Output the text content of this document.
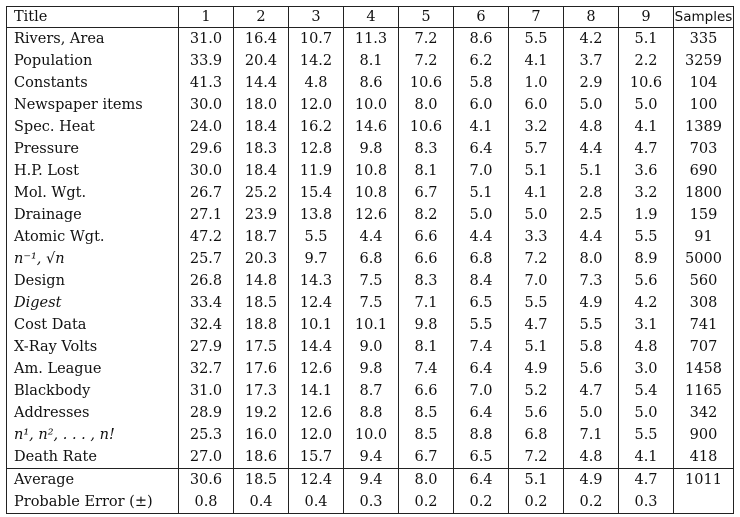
Title	1	2	3	4	5	6	7	8	9	Samples
Rivers, Area	31.0	16.4	10.7	11.3	7.2	8.6	5.5	4.2	5.1	335
Population	33.9	20.4	14.2	8.1	7.2	6.2	4.1	3.7	2.2	3259
Constants	41.3	14.4	4.8	8.6	10.6	5.8	1.0	2.9	10.6	104
Newspaper items	30.0	18.0	12.0	10.0	8.0	6.0	6.0	5.0	5.0	100
Spec. Heat	24.0	18.4	16.2	14.6	10.6	4.1	3.2	4.8	4.1	1389
Pressure	29.6	18.3	12.8	9.8	8.3	6.4	5.7	4.4	4.7	703
H.P. Lost	30.0	18.4	11.9	10.8	8.1	7.0	5.1	5.1	3.6	690
Mol. Wgt.	26.7	25.2	15.4	10.8	6.7	5.1	4.1	2.8	3.2	1800
Drainage	27.1	23.9	13.8	12.6	8.2	5.0	5.0	2.5	1.9	159
Atomic Wgt.	47.2	18.7	5.5	4.4	6.6	4.4	3.3	4.4	5.5	91
n⁻¹, √n	25.7	20.3	9.7	6.8	6.6	6.8	7.2	8.0	8.9	5000
Design	26.8	14.8	14.3	7.5	8.3	8.4	7.0	7.3	5.6	560
Digest	33.4	18.5	12.4	7.5	7.1	6.5	5.5	4.9	4.2	308
Cost Data	32.4	18.8	10.1	10.1	9.8	5.5	4.7	5.5	3.1	741
X-Ray Volts	27.9	17.5	14.4	9.0	8.1	7.4	5.1	5.8	4.8	707
Am. League	32.7	17.6	12.6	9.8	7.4	6.4	4.9	5.6	3.0	1458
Blackbody	31.0	17.3	14.1	8.7	6.6	7.0	5.2	4.7	5.4	1165
Addresses	28.9	19.2	12.6	8.8	8.5	6.4	5.6	5.0	5.0	342
n¹, n², . . . , n!	25.3	16.0	12.0	10.0	8.5	8.8	6.8	7.1	5.5	900
Death Rate	27.0	18.6	15.7	9.4	6.7	6.5	7.2	4.8	4.1	418
Average	30.6	18.5	12.4	9.4	8.0	6.4	5.1	4.9	4.7	1011
Probable Error (±)	0.8	0.4	0.4	0.3	0.2	0.2	0.2	0.2	0.3	
